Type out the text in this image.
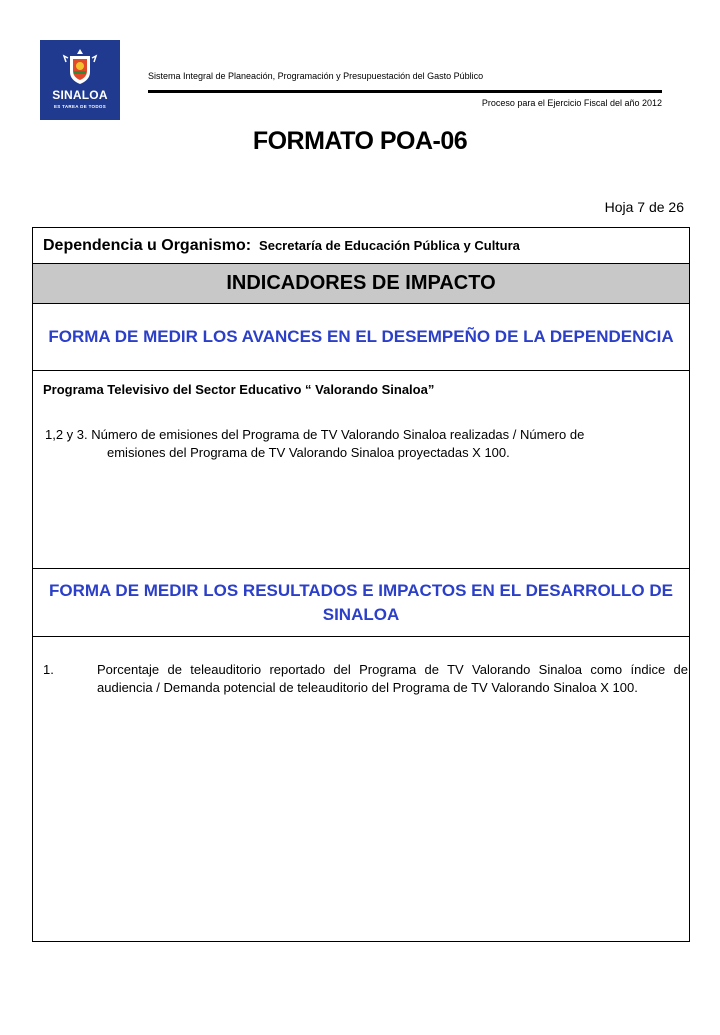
SINALOA
ES TAREA DE TODOS
Sistema Integral de Planeación, Programación y Presupuestación del Gasto Público
Proceso para el Ejercicio Fiscal del año 2012
FORMATO POA-06
Hoja 7 de 26
Dependencia u Organismo: Secretaría de Educación Pública y Cultura
INDICADORES DE IMPACTO
FORMA DE MEDIR LOS AVANCES EN EL DESEMPEÑO DE LA DEPENDENCIA
Programa Televisivo del Sector Educativo “ Valorando Sinaloa”
1,2 y 3. Número de emisiones del Programa de TV Valorando Sinaloa realizadas / Número de
emisiones del Programa de TV Valorando Sinaloa proyectadas X 100.
FORMA DE MEDIR LOS RESULTADOS E IMPACTOS EN EL DESARROLLO DE SINALOA
1.	Porcentaje de teleauditorio reportado del Programa de TV Valorando Sinaloa como índice de audiencia / Demanda potencial de teleauditorio del Programa de TV Valorando Sinaloa X 100.
